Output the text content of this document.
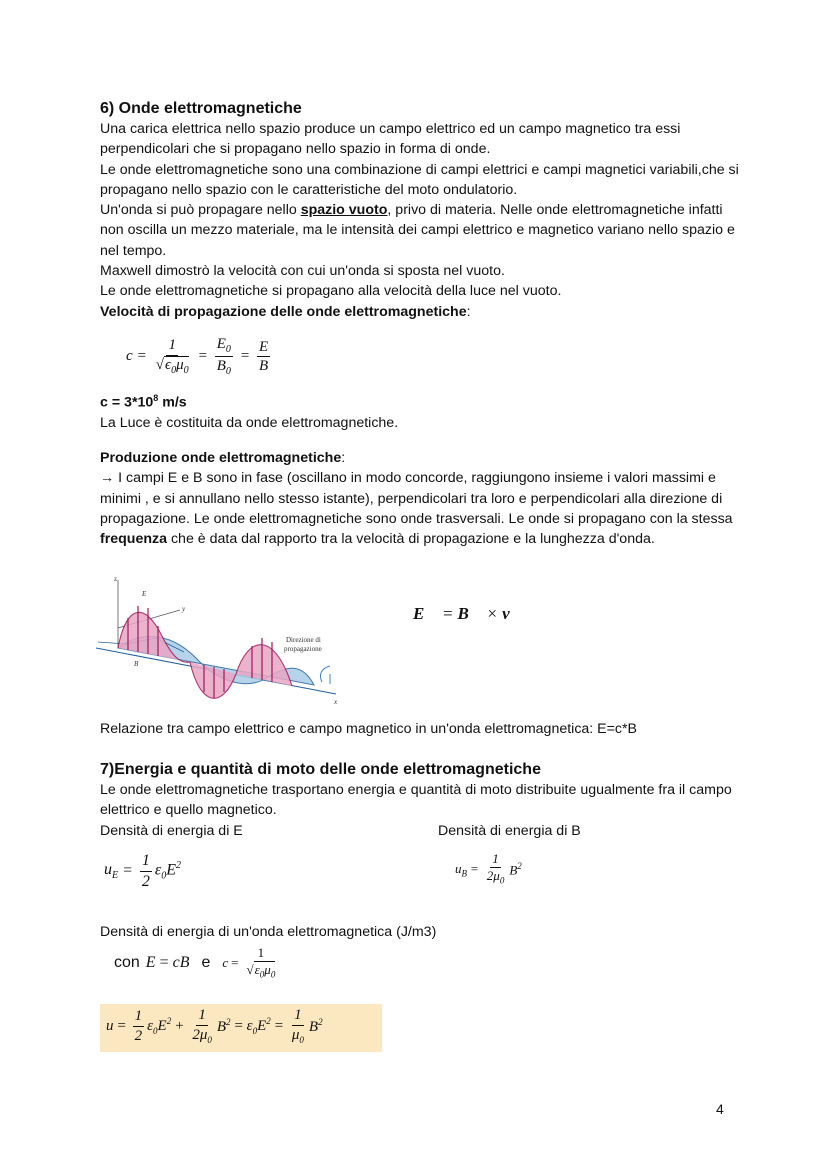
6) Onde elettromagnetiche

Una carica elettrica nello spazio produce un campo elettrico ed un campo magnetico tra essi perpendicolari che si propagano nello spazio in forma di onde.

Le onde elettromagnetiche sono una combinazione di campi elettrici e campi magnetici variabili,che si propagano nello spazio con le caratteristiche del moto ondulatorio.

Un'onda si può propagare nello spazio vuoto, privo di materia. Nelle onde elettromagnetiche infatti non oscilla un mezzo materiale, ma le intensità dei campi elettrico e magnetico variano nello spazio e nel tempo.

Maxwell dimostrò la velocità con cui un'onda si sposta nel vuoto.

Le onde elettromagnetiche si propagano alla velocità della luce nel vuoto.

Velocità di propagazione delle onde elettromagnetiche:

$c = \frac{1}{√\epsilon_0\mu_0} = \frac{E_0}{B_0} = \frac{E}{B}$

$c = 3*10^8$ m/s

La Luce è costituita da onde elettromagnetiche.

Produzione onde elettromagnetiche:

→ I campi E e B sono in fase (oscillano in modo concorde, raggiungono insieme i valori massimi e minimi , e si annullano nello stesso istante), perpendicolari tra loro e perpendicolari alla direzione di propagazione. Le onde elettromagnetiche sono onde trasversali. Le onde si propagano con la stessa frequenza che è data dal rapporto tra la velocità di propagazione e la lunghezza d'onda.

z
y
x
E
B
Direzione di
propagazione
E⃗ = B⃗ × v⃗
Relazione tra campo elettrico e campo magnetico in un'onda elettromagnetica: E=c*B
7)Energia e quantità di moto delle onde elettromagnetiche

Le onde elettromagnetiche trasportano energia e quantità di moto distribuite ugualmente fra il campo elettrico e quello magnetico.

Densità di energia di E	Densità di energia di B
$u_E = \frac{1}{2} \varepsilon_0E^2$	$u_B = \frac{1}{2\mu_0} B^2$
Densità di energia di un'onda elettromagnetica (J/m3)
con E = cB e $c = \frac{1}{√\varepsilon_0\mu_0}$
$u = \frac{1}{2} \varepsilon_0E^2 + \frac{1}{2\mu_0} B^2 = \varepsilon_0E^2 = \frac{1}{\mu_0} B^2$
4
